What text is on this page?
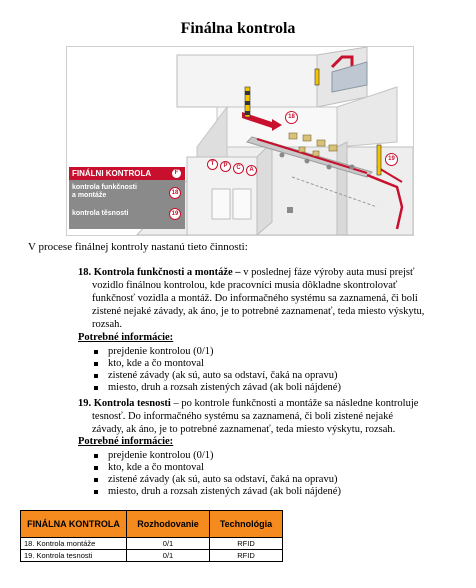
Finálna kontrola
18
19
T	P	C	A
FINÁLNI KONTROLA	F
kontrola funkčnosti
a montáže	18
kontrola těsnosti	19
V procese finálnej kontroly nastanú tieto činnosti:
18. Kontrola funkčnosti a montáže – v poslednej fáze výroby auta musí prejsť
vozidlo finálnou kontrolou, kde pracovníci musia dôkladne skontrolovať
funkčnosť vozidla a montáž. Do informačného systému sa zaznamená, či boli
zistené nejaké závady, ak áno, je to potrebné zaznamenať, teda miesto výskytu,
rozsah.
Potrebné informácie:
prejdenie kontrolou (0/1)
kto, kde a čo montoval
zistené závady (ak sú, auto sa odstaví, čaká na opravu)
miesto, druh a rozsah zistených závad (ak boli nájdené)
19. Kontrola tesnosti – po kontrole funkčnosti a montáže sa následne kontroluje
tesnosť. Do informačného systému sa zaznamená, či boli zistené nejaké
závady, ak áno, je to potrebné zaznamenať, teda miesto výskytu, rozsah.
Potrebné informácie:
prejdenie kontrolou (0/1)
kto, kde a čo montoval
zistené závady (ak sú, auto sa odstaví, čaká na opravu)
miesto, druh a rozsah zistených závad (ak boli nájdené)
FINÁLNA KONTROLA	Rozhodovanie	Technológia
18. Kontrola montáže	0/1	RFID
19. Kontrola tesnosti	0/1	RFID
